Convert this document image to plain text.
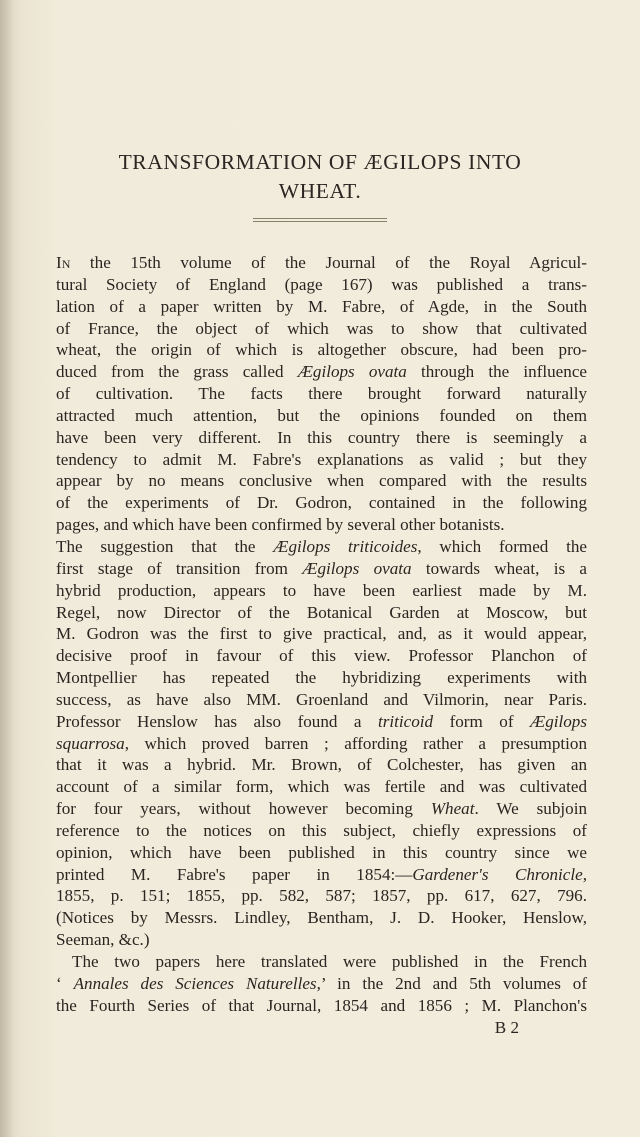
TRANSFORMATION OF ÆGILOPS INTO
WHEAT.
In the 15th volume of the Journal of the Royal Agricul-
tural Society of England (page 167) was published a trans-
lation of a paper written by M. Fabre, of Agde, in the South
of France, the object of which was to show that cultivated
wheat, the origin of which is altogether obscure, had been pro-
duced from the grass called Ægilops ovata through the influence
of cultivation. The facts there brought forward naturally
attracted much attention, but the opinions founded on them
have been very different. In this country there is seemingly a
tendency to admit M. Fabre's explanations as valid ; but they
appear by no means conclusive when compared with the results
of the experiments of Dr. Godron, contained in the following
pages, and which have been confirmed by several other botanists.
The suggestion that the Ægilops triticoides, which formed the
first stage of transition from Ægilops ovata towards wheat, is a
hybrid production, appears to have been earliest made by M.
Regel, now Director of the Botanical Garden at Moscow, but
M. Godron was the first to give practical, and, as it would appear,
decisive proof in favour of this view. Professor Planchon of
Montpellier has repeated the hybridizing experiments with
success, as have also MM. Groenland and Vilmorin, near Paris.
Professor Henslow has also found a triticoid form of Ægilops
squarrosa, which proved barren ; affording rather a presumption
that it was a hybrid. Mr. Brown, of Colchester, has given an
account of a similar form, which was fertile and was cultivated
for four years, without however becoming Wheat. We subjoin
reference to the notices on this subject, chiefly expressions of
opinion, which have been published in this country since we
printed M. Fabre's paper in 1854:—Gardener's Chronicle,
1855, p. 151; 1855, pp. 582, 587; 1857, pp. 617, 627, 796.
(Notices by Messrs. Lindley, Bentham, J. D. Hooker, Henslow,
Seeman, &c.)
The two papers here translated were published in the French
‘ Annales des Sciences Naturelles,’ in the 2nd and 5th volumes of
the Fourth Series of that Journal, 1854 and 1856 ; M. Planchon's
B 2
